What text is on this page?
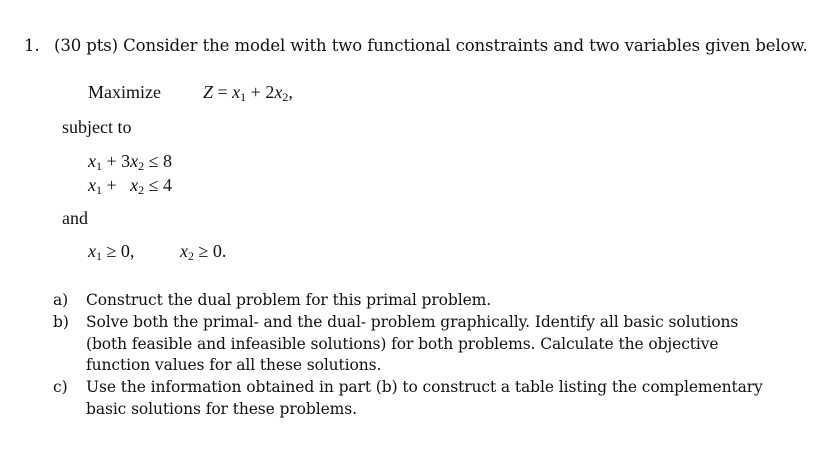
1. (30 pts) Consider the model with two functional constraints and two variables given below.
Maximize $Z = x_1 + 2x_2$,
subject to
$x_1 + 3x_2 \le 8$
$x_1 + x_2 \le 4$
and
$x_1 \ge 0$,	$x_2 \ge 0$.
a) Construct the dual problem for this primal problem.
b) Solve both the primal- and the dual- problem graphically. Identify all basic solutions (both feasible and infeasible solutions) for both problems. Calculate the objective function values for all these solutions.
c) Use the information obtained in part (b) to construct a table listing the complementary basic solutions for these problems.
